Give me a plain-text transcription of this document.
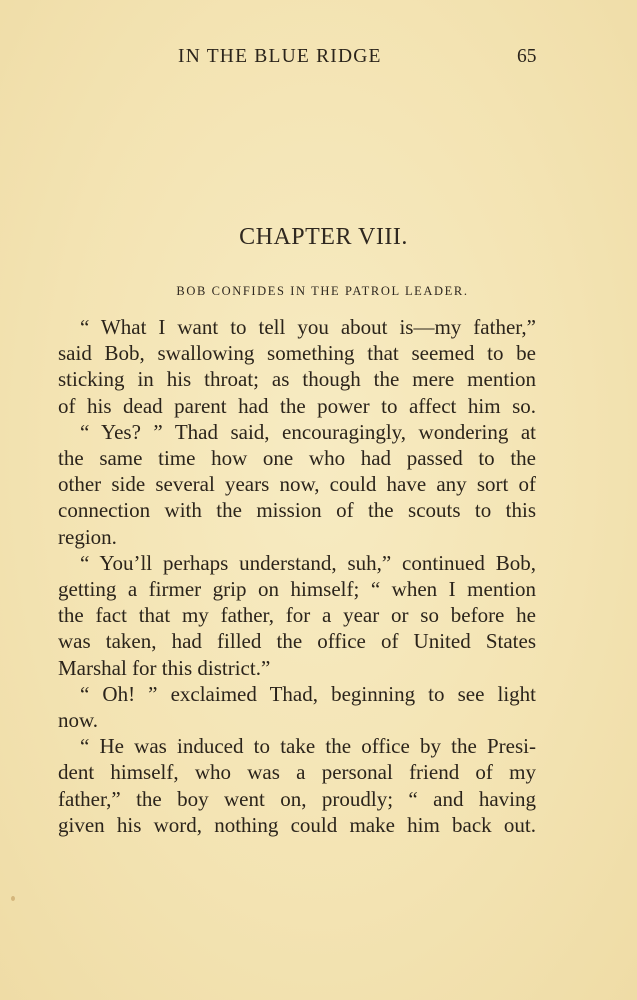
IN THE BLUE RIDGE	65
CHAPTER VIII.
BOB CONFIDES IN THE PATROL LEADER.

“ What I want to tell you about is—my father,”
said Bob, swallowing something that seemed to be
sticking in his throat; as though the mere mention
of his dead parent had the power to affect him so.

“ Yes? ” Thad said, encouragingly, wondering at
the same time how one who had passed to the
other side several years now, could have any sort of
connection with the mission of the scouts to this
region.

“ You’ll perhaps understand, suh,” continued Bob,
getting a firmer grip on himself; “ when I mention
the fact that my father, for a year or so before he
was taken, had filled the office of United States
Marshal for this district.”

“ Oh! ” exclaimed Thad, beginning to see light
now.

“ He was induced to take the office by the Presi-
dent himself, who was a personal friend of my
father,” the boy went on, proudly; “ and having
given his word, nothing could make him back out.
